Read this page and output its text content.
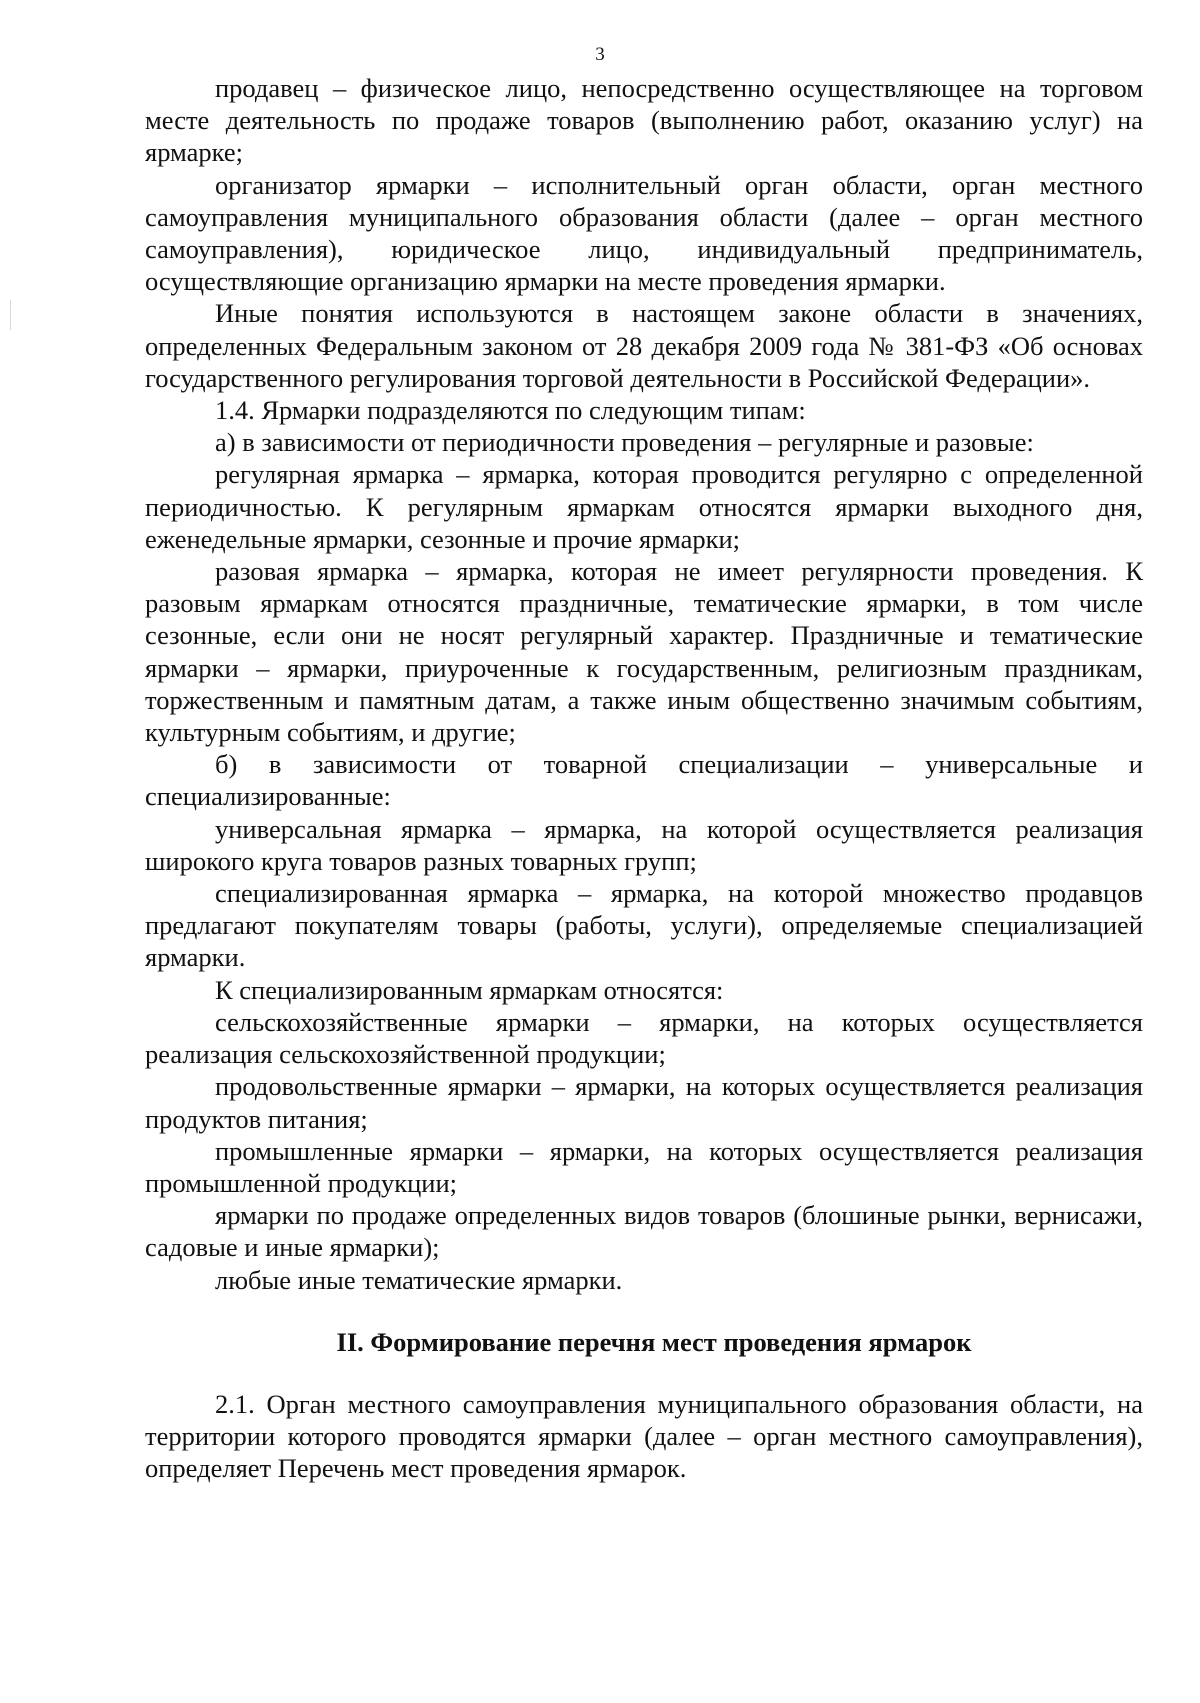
3

продавец – физическое лицо, непосредственно осуществляющее на торговом месте деятельность по продаже товаров (выполнению работ, оказанию услуг) на ярмарке;

организатор ярмарки – исполнительный орган области, орган местного самоуправления муниципального образования области (далее – орган местного самоуправления), юридическое лицо, индивидуальный предприниматель, осуществляющие организацию ярмарки на месте проведения ярмарки.

Иные понятия используются в настоящем законе области в значениях, определенных Федеральным законом от 28 декабря 2009 года № 381-ФЗ «Об основах государственного регулирования торговой деятельности в Российской Федерации».

1.4. Ярмарки подразделяются по следующим типам:

а) в зависимости от периодичности проведения – регулярные и разовые:

регулярная ярмарка – ярмарка, которая проводится регулярно с определенной периодичностью. К регулярным ярмаркам относятся ярмарки выходного дня, еженедельные ярмарки, сезонные и прочие ярмарки;

разовая ярмарка – ярмарка, которая не имеет регулярности проведения. К разовым ярмаркам относятся праздничные, тематические ярмарки, в том числе сезонные, если они не носят регулярный характер. Праздничные и тематические ярмарки – ярмарки, приуроченные к государственным, религиозным праздникам, торжественным и памятным датам, а также иным общественно значимым событиям, культурным событиям, и другие;

б) в зависимости от товарной специализации – универсальные и специализированные:

универсальная ярмарка – ярмарка, на которой осуществляется реализация широкого круга товаров разных товарных групп;

специализированная ярмарка – ярмарка, на которой множество продавцов предлагают покупателям товары (работы, услуги), определяемые специализацией ярмарки.

К специализированным ярмаркам относятся:

сельскохозяйственные ярмарки – ярмарки, на которых осуществляется реализация сельскохозяйственной продукции;

продовольственные ярмарки – ярмарки, на которых осуществляется реализация продуктов питания;

промышленные ярмарки – ярмарки, на которых осуществляется реализация промышленной продукции;

ярмарки по продаже определенных видов товаров (блошиные рынки, вернисажи, садовые и иные ярмарки);

любые иные тематические ярмарки.

II. Формирование перечня мест проведения ярмарок

2.1. Орган местного самоуправления муниципального образования области, на территории которого проводятся ярмарки (далее – орган местного самоуправления), определяет Перечень мест проведения ярмарок.
